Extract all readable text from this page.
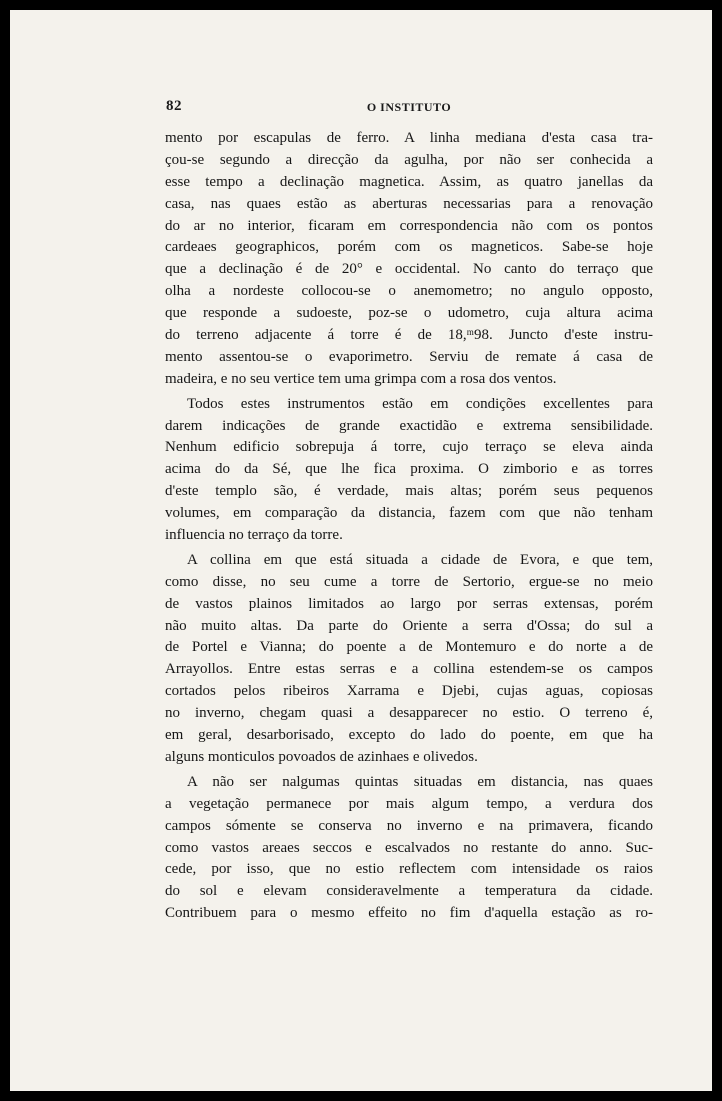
82	O INSTITUTO
mento por escapulas de ferro. A linha mediana d'esta casa tra-
çou-se segundo a direcção da agulha, por não ser conhecida a
esse tempo a declinação magnetica. Assim, as quatro janellas da
casa, nas quaes estão as aberturas necessarias para a renovação
do ar no interior, ficaram em correspondencia não com os pontos
cardeaes geographicos, porém com os magneticos. Sabe-se hoje
que a declinação é de 20° e occidental. No canto do terraço que
olha a nordeste collocou-se o anemometro; no angulo opposto,
que responde a sudoeste, poz-se o udometro, cuja altura acima
do terreno adjacente á torre é de 18,ᵐ98. Juncto d'este instru-
mento assentou-se o evaporimetro. Serviu de remate á casa de
madeira, e no seu vertice tem uma grimpa com a rosa dos ventos.
Todos estes instrumentos estão em condições excellentes para
darem indicações de grande exactidão e extrema sensibilidade.
Nenhum edificio sobrepuja á torre, cujo terraço se eleva ainda
acima do da Sé, que lhe fica proxima. O zimborio e as torres
d'este templo são, é verdade, mais altas; porém seus pequenos
volumes, em comparação da distancia, fazem com que não tenham
influencia no terraço da torre.
A collina em que está situada a cidade de Evora, e que tem,
como disse, no seu cume a torre de Sertorio, ergue-se no meio
de vastos plainos limitados ao largo por serras extensas, porém
não muito altas. Da parte do Oriente a serra d'Ossa; do sul a
de Portel e Vianna; do poente a de Montemuro e do norte a de
Arrayollos. Entre estas serras e a collina estendem-se os campos
cortados pelos ribeiros Xarrama e Djebi, cujas aguas, copiosas
no inverno, chegam quasi a desapparecer no estio. O terreno é,
em geral, desarborisado, excepto do lado do poente, em que ha
alguns monticulos povoados de azinhaes e olivedos.
A não ser nalgumas quintas situadas em distancia, nas quaes
a vegetação permanece por mais algum tempo, a verdura dos
campos sómente se conserva no inverno e na primavera, ficando
como vastos areaes seccos e escalvados no restante do anno. Suc-
cede, por isso, que no estio reflectem com intensidade os raios
do sol e elevam consideravelmente a temperatura da cidade.
Contribuem para o mesmo effeito no fim d'aquella estação as ro-
